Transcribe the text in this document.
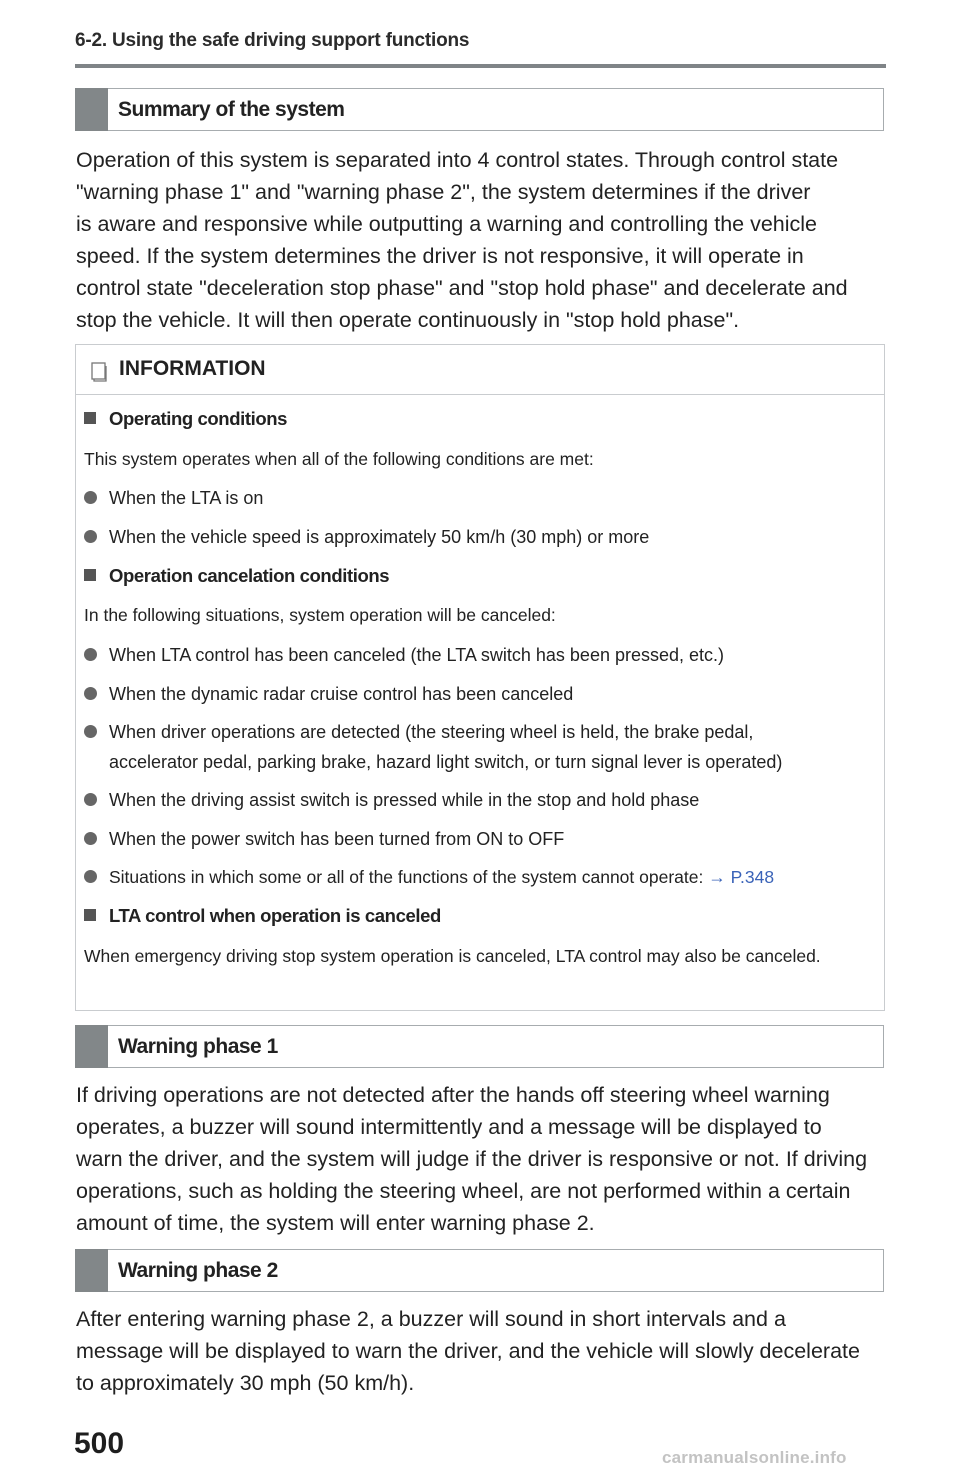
6-2. Using the safe driving support functions
Summary of the system
Operation of this system is separated into 4 control states. Through control state
"warning phase 1" and "warning phase 2", the system determines if the driver
is aware and responsive while outputting a warning and controlling the vehicle
speed. If the system determines the driver is not responsive, it will operate in
control state "deceleration stop phase" and "stop hold phase" and decelerate and
stop the vehicle. It will then operate continuously in "stop hold phase".
INFORMATION
Operating conditions
This system operates when all of the following conditions are met:
When the LTA is on
When the vehicle speed is approximately 50 km/h (30 mph) or more
Operation cancelation conditions
In the following situations, system operation will be canceled:
When LTA control has been canceled (the LTA switch has been pressed, etc.)
When the dynamic radar cruise control has been canceled
When driver operations are detected (the steering wheel is held, the brake pedal,
accelerator pedal, parking brake, hazard light switch, or turn signal lever is operated)
When the driving assist switch is pressed while in the stop and hold phase
When the power switch has been turned from ON to OFF
Situations in which some or all of the functions of the system cannot operate: → P.348
LTA control when operation is canceled
When emergency driving stop system operation is canceled, LTA control may also be canceled.
Warning phase 1
If driving operations are not detected after the hands off steering wheel warning
operates, a buzzer will sound intermittently and a message will be displayed to
warn the driver, and the system will judge if the driver is responsive or not. If driving
operations, such as holding the steering wheel, are not performed within a certain
amount of time, the system will enter warning phase 2.
Warning phase 2
After entering warning phase 2, a buzzer will sound in short intervals and a
message will be displayed to warn the driver, and the vehicle will slowly decelerate
to approximately 30 mph (50 km/h).
500	carmanualsonline.info
